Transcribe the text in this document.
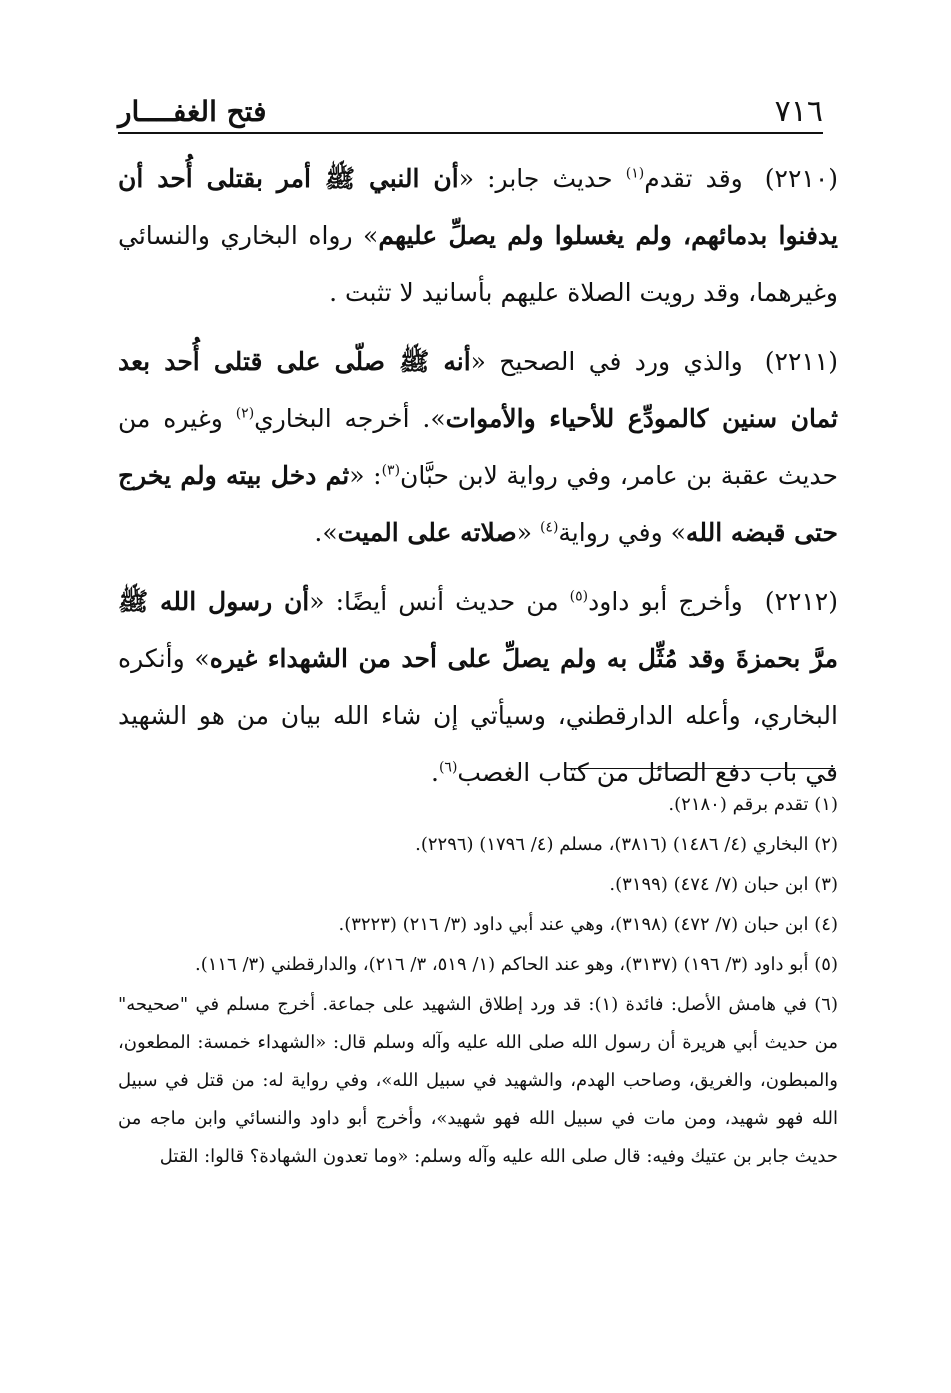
٧١٦
فتح الغفــــار

(٢٢١٠)وقد تقدم$^{(١)}$ حديث جابر: «أن النبي ﷺ أمر بقتلى أُحد أن يدفنوا بدمائهم، ولم يغسلوا ولم يصلِّ عليهم» رواه البخاري والنسائي وغيرهما، وقد رويت الصلاة عليهم بأسانيد لا تثبت .

(٢٢١١)والذي ورد في الصحيح «أنه ﷺ صلّى على قتلى أُحد بعد ثمان سنين كالمودِّع للأحياء والأموات». أخرجه البخاري$^{(٢)}$ وغيره من حديث عقبة بن عامر، وفي رواية لابن حبَّان$^{(٣)}$: «ثم دخل بيته ولم يخرج حتى قبضه الله» وفي رواية$^{(٤)}$ «صلاته على الميت».

(٢٢١٢)وأخرج أبو داود$^{(٥)}$ من حديث أنس أيضًا: «أن رسول الله ﷺ مرَّ بحمزةَ وقد مُثِّل به ولم يصلِّ على أحد من الشهداء غيره» وأنكره البخاري، وأعله الدارقطني، وسيأتي إن شاء الله بيان من هو الشهيد في باب دفع الصائل من كتاب الغصب$^{(٦)}$.

(١) تقدم برقم (٢١٨٠).

(٢) البخاري (٤/ ١٤٨٦) (٣٨١٦)، مسلم (٤/ ١٧٩٦) (٢٢٩٦).

(٣) ابن حبان (٧/ ٤٧٤) (٣١٩٩).

(٤) ابن حبان (٧/ ٤٧٢) (٣١٩٨)، وهي عند أبي داود (٣/ ٢١٦) (٣٢٢٣).

(٥) أبو داود (٣/ ١٩٦) (٣١٣٧)، وهو عند الحاكم (١/ ٥١٩، ٣/ ٢١٦)، والدارقطني (٣/ ١١٦).

(٦) في هامش الأصل: فائدة (١): قد ورد إطلاق الشهيد على جماعة. أخرج مسلم في "صحيحه" من حديث أبي هريرة أن رسول الله صلى الله عليه وآله وسلم قال: «الشهداء خمسة: المطعون، والمبطون، والغريق، وصاحب الهدم، والشهيد في سبيل الله»، وفي رواية له: من قتل في سبيل الله فهو شهيد، ومن مات في سبيل الله فهو شهيد»، وأخرج أبو داود والنسائي وابن ماجه من حديث جابر بن عتيك وفيه: قال صلى الله عليه وآله وسلم: «وما تعدون الشهادة؟ قالوا: القتل
